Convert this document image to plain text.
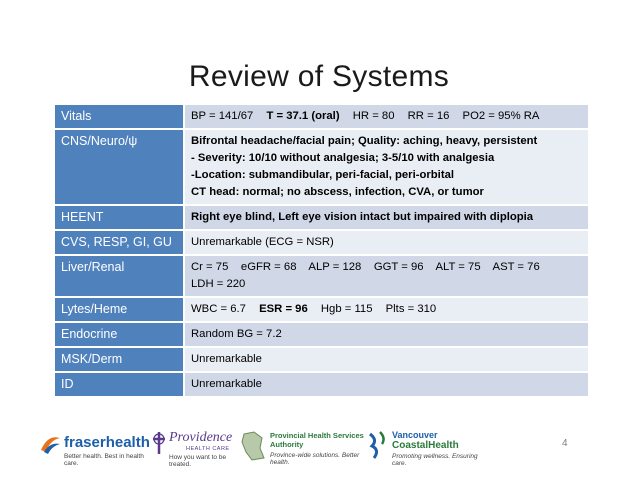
Review of Systems
Vitals	BP = 141/67 T = 37.1 (oral) HR = 80 RR = 16 PO2 = 95% RA
CNS/Neuro/ψ	Bifrontal headache/facial pain; Quality: aching, heavy, persistent
- Severity: 10/10 without analgesia; 3-5/10 with analgesia
-Location: submandibular, peri-facial, peri-orbital
CT head: normal; no abscess, infection, CVA, or tumor

HEENT	Right eye blind, Left eye vision intact but impaired with diplopia
CVS, RESP, GI, GU	Unremarkable (ECG = NSR)
Liver/Renal	Cr = 75    eGFR = 68    ALP = 128    GGT = 96    ALT = 75    AST = 76
LDH = 220

Lytes/Heme	WBC = 6.7 ESR = 96 Hgb = 115 Plts = 310
Endocrine	Random BG = 7.2
MSK/Derm	Unremarkable
ID	Unremarkable
4
fraserhealth
Better health. Best in health care.
Providence
HEALTH CARE
How you want to be treated.
Provincial Health Services Authority
Province-wide solutions. Better health.
Vancouver
CoastalHealth
Promoting wellness. Ensuring care.
